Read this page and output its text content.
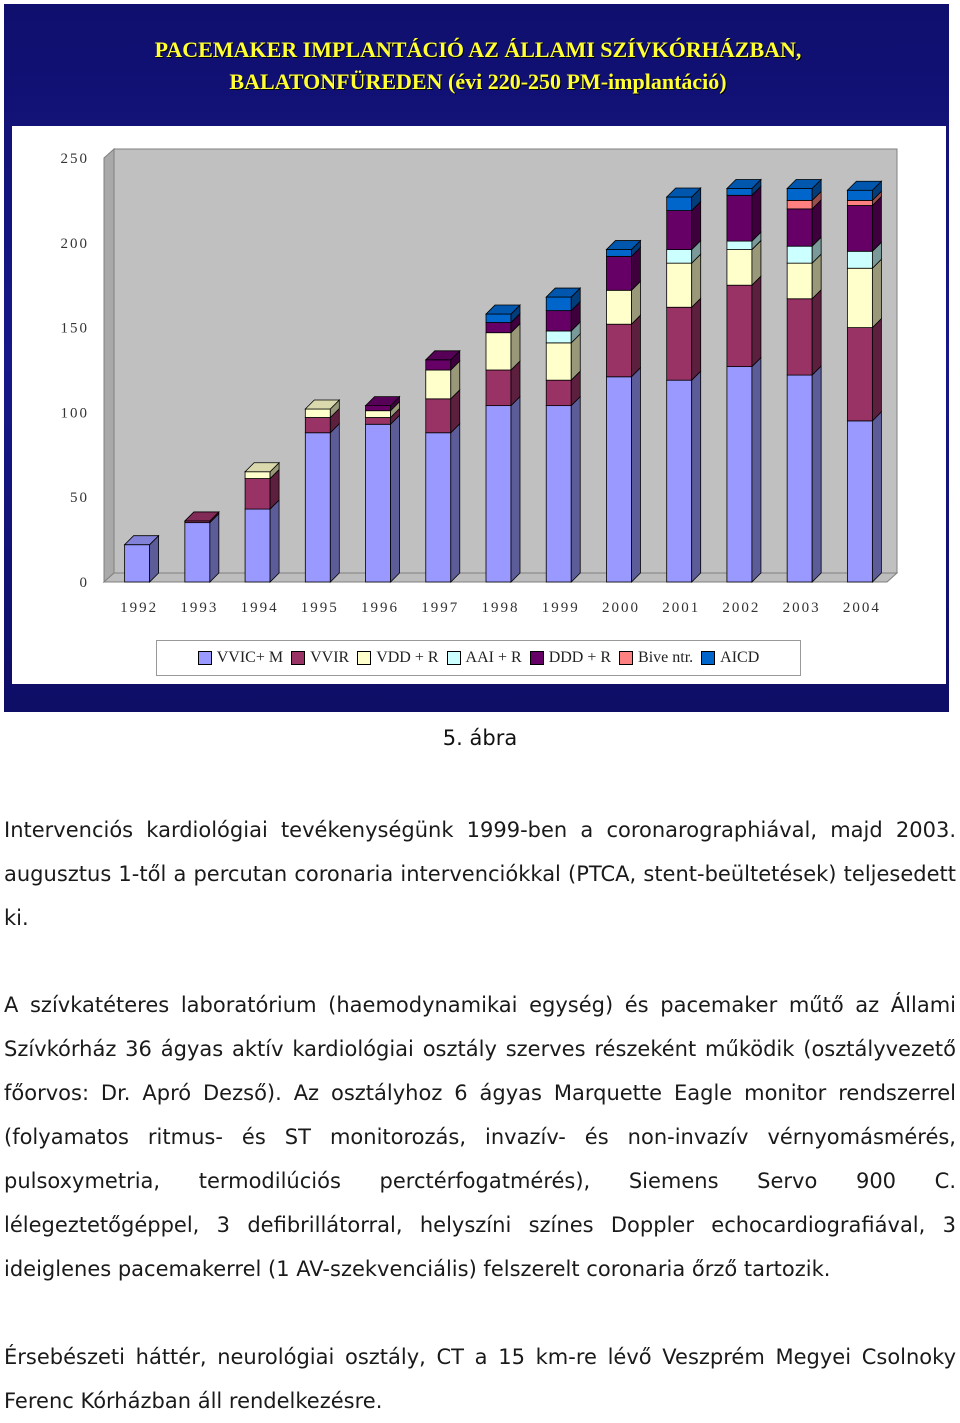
PACEMAKER IMPLANTÁCIÓ AZ ÁLLAMI SZÍVKÓRHÁZBAN,
BALATONFÜREDEN (évi 220-250 PM-implantáció)
0
50
100
150
200
250
1992 1993 1994 1995 1996 1997 1998 1999 2000 2001 2002 2003 2004
VVIC+ M VVIR VDD + R AAI + R DDD + R Bive ntr. AICD
5. ábra

Intervenciós kardiológiai tevékenységünk 1999-ben a coronarographiával, majd 2003. augusztus 1-től a percutan coronaria intervenciókkal (PTCA, stent-beültetések) teljesedett ki.

A szívkatéteres laboratórium (haemodynamikai egység) és pacemaker műtő az Állami Szívkórház 36 ágyas aktív kardiológiai osztály szerves részeként működik (osztályvezető főorvos: Dr. Apró Dezső). Az osztályhoz 6 ágyas Marquette Eagle monitor rendszerrel (folyamatos ritmus- és ST monitorozás, invazív- és non-invazív vérnyomásmérés, pulsoxymetria, termodilúciós perctérfogatmérés), Siemens Servo 900 C. lélegeztetőgéppel, 3 defibrillátorral, helyszíni színes Doppler echocardiografiával, 3 ideiglenes pacemakerrel (1 AV-szekvenciális) felszerelt coronaria őrző tartozik.

Érsebészeti háttér, neurológiai osztály, CT a 15 km-re lévő Veszprém Megyei Csolnoky Ferenc Kórházban áll rendelkezésre.
